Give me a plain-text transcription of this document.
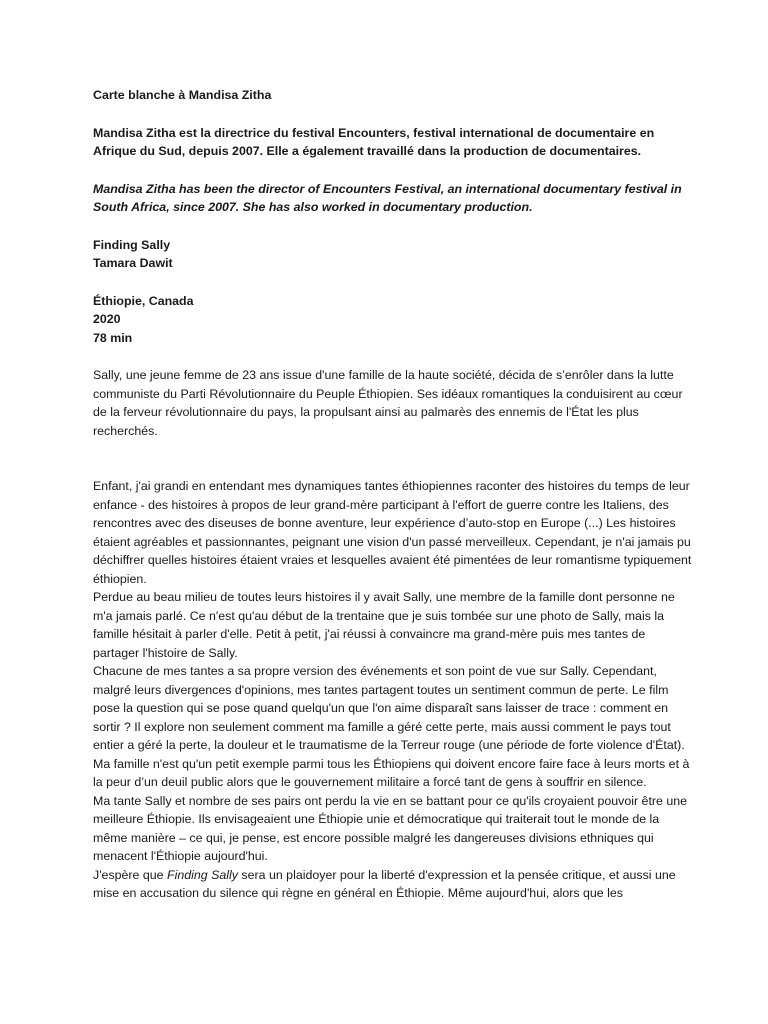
Carte blanche à Mandisa Zitha

Mandisa Zitha est la directrice du festival Encounters, festival international de documentaire en Afrique du Sud, depuis 2007. Elle a également travaillé dans la production de documentaires.

Mandisa Zitha has been the director of Encounters Festival, an international documentary festival in South Africa, since 2007. She has also worked in documentary production.

Finding Sally

Tamara Dawit

Éthiopie, Canada

2020

78 min

Sally, une jeune femme de 23 ans issue d'une famille de la haute société, décida de s’enrôler dans la lutte communiste du Parti Révolutionnaire du Peuple Éthiopien. Ses idéaux romantiques la conduisirent au cœur de la ferveur révolutionnaire du pays, la propulsant ainsi au palmarès des ennemis de l'État les plus recherchés.

Enfant, j'ai grandi en entendant mes dynamiques tantes éthiopiennes raconter des histoires du temps de leur enfance - des histoires à propos de leur grand-mère participant à l'effort de guerre contre les Italiens, des rencontres avec des diseuses de bonne aventure, leur expérience d’auto-stop en Europe (...) Les histoires étaient agréables et passionnantes, peignant une vision d'un passé merveilleux. Cependant, je n'ai jamais pu déchiffrer quelles histoires étaient vraies et lesquelles avaient été pimentées de leur romantisme typiquement éthiopien.

Perdue au beau milieu de toutes leurs histoires il y avait Sally, une membre de la famille dont personne ne m'a jamais parlé. Ce n'est qu'au début de la trentaine que je suis tombée sur une photo de Sally, mais la famille hésitait à parler d'elle. Petit à petit, j'ai réussi à convaincre ma grand-mère puis mes tantes de partager l'histoire de Sally.

Chacune de mes tantes a sa propre version des événements et son point de vue sur Sally. Cependant, malgré leurs divergences d'opinions, mes tantes partagent toutes un sentiment commun de perte. Le film pose la question qui se pose quand quelqu'un que l'on aime disparaît sans laisser de trace : comment en sortir ? Il explore non seulement comment ma famille a géré cette perte, mais aussi comment le pays tout entier a géré la perte, la douleur et le traumatisme de la Terreur rouge (une période de forte violence d'État). Ma famille n'est qu'un petit exemple parmi tous les Éthiopiens qui doivent encore faire face à leurs morts et à la peur d’un deuil public alors que le gouvernement militaire a forcé tant de gens à souffrir en silence.

Ma tante Sally et nombre de ses pairs ont perdu la vie en se battant pour ce qu'ils croyaient pouvoir être une meilleure Éthiopie. Ils envisageaient une Éthiopie unie et démocratique qui traiterait tout le monde de la même manière – ce qui, je pense, est encore possible malgré les dangereuses divisions ethniques qui menacent l'Éthiopie aujourd'hui.

J'espère que Finding Sally sera un plaidoyer pour la liberté d'expression et la pensée critique, et aussi une mise en accusation du silence qui règne en général en Éthiopie. Même aujourd'hui, alors que les
